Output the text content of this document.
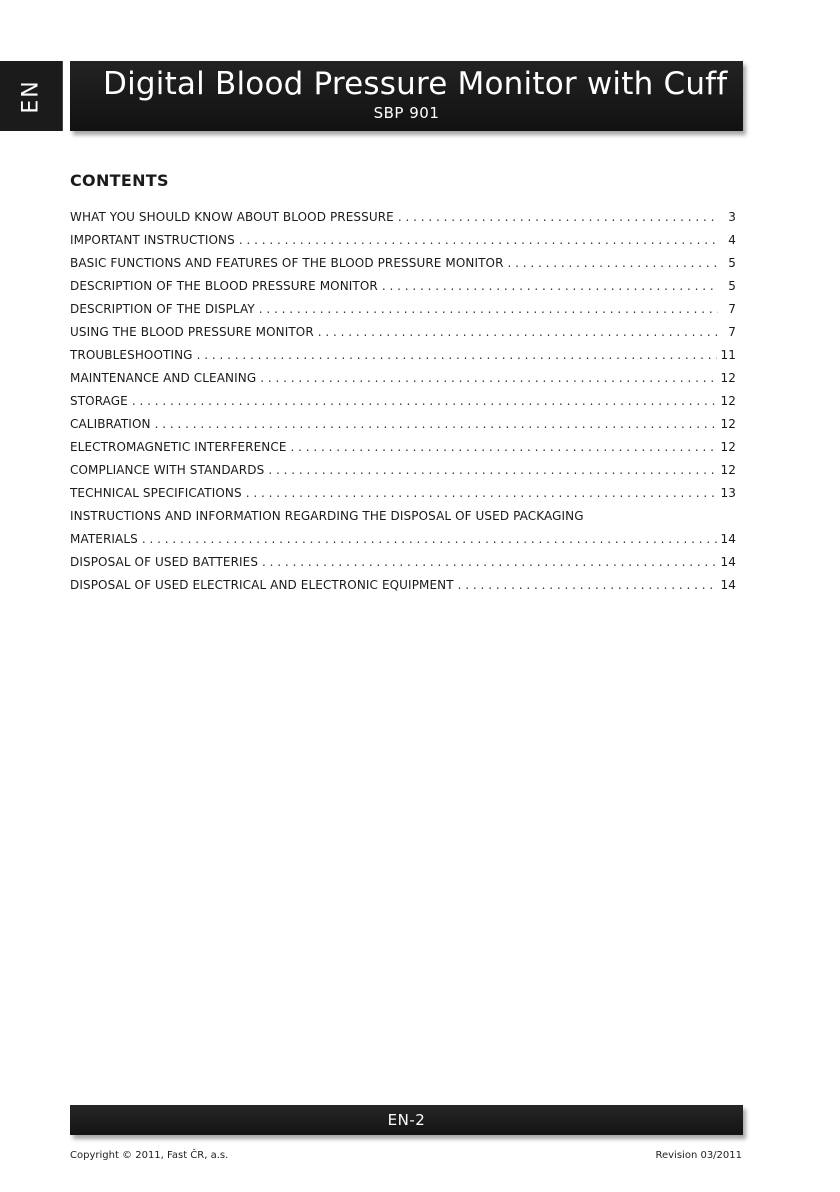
EN Digital Blood Pressure Monitor with Cuff
SBP 901
CONTENTS
WHAT YOU SHOULD KNOW ABOUT BLOOD PRESSURE . . .	3
IMPORTANT INSTRUCTIONS . . .	4
BASIC FUNCTIONS AND FEATURES OF THE BLOOD PRESSURE MONITOR . . .	5
DESCRIPTION OF THE BLOOD PRESSURE MONITOR . . .	5
DESCRIPTION OF THE DISPLAY . . .	7
USING THE BLOOD PRESSURE MONITOR . . .	7
TROUBLESHOOTING . . .	11
MAINTENANCE AND CLEANING . . .	12
STORAGE . . .	12
CALIBRATION . . .	12
ELECTROMAGNETIC INTERFERENCE . . .	12
COMPLIANCE WITH STANDARDS . . .	12
TECHNICAL SPECIFICATIONS . . .	13
INSTRUCTIONS AND INFORMATION REGARDING THE DISPOSAL OF USED PACKAGING
MATERIALS . . .	14
DISPOSAL OF USED BATTERIES . . .	14
DISPOSAL OF USED ELECTRICAL AND ELECTRONIC EQUIPMENT . . .	14
EN-2
Copyright © 2011, Fast ČR, a.s.	Revision 03/2011
